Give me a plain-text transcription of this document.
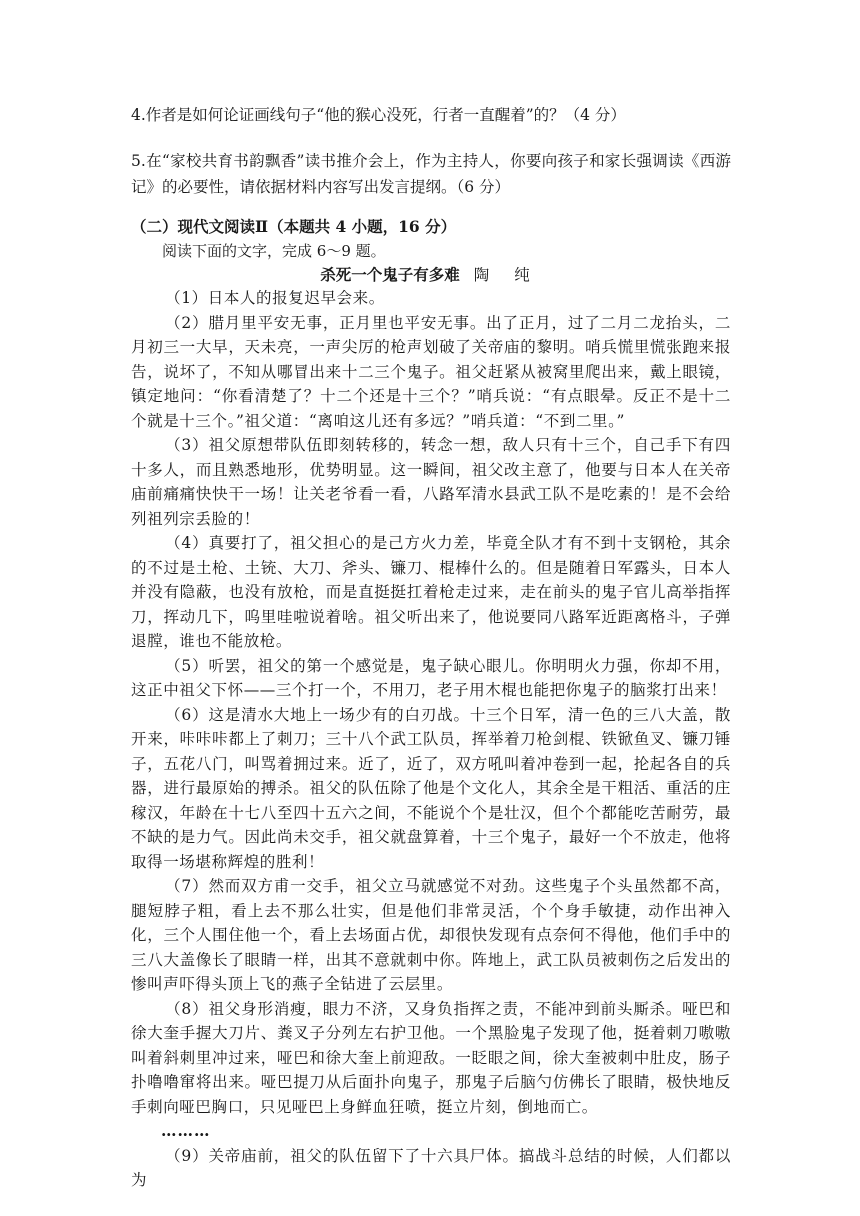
4.作者是如何论证画线句子“他的猴心没死，行者一直醒着”的？（4 分）
5.在“家校共育书韵飘香”读书推介会上，作为主持人，你要向孩子和家长强调读《西游记》的必要性，请依据材料内容写出发言提纲。（6 分）
（二）现代文阅读Ⅱ（本题共 4 小题，16 分）
阅读下面的文字，完成 6～9 题。
杀死一个鬼子有多难 陶 纯

（1）日本人的报复迟早会来。

（2）腊月里平安无事，正月里也平安无事。出了正月，过了二月二龙抬头，二月初三一大早，天未亮，一声尖厉的枪声划破了关帝庙的黎明。哨兵慌里慌张跑来报告，说坏了，不知从哪冒出来十二三个鬼子。祖父赶紧从被窝里爬出来，戴上眼镜，镇定地问：“你看清楚了？十二个还是十三个？”哨兵说：“有点眼晕。反正不是十二个就是十三个。”祖父道：“离咱这儿还有多远？”哨兵道：“不到二里。”

（3）祖父原想带队伍即刻转移的，转念一想，敌人只有十三个，自己手下有四十多人，而且熟悉地形，优势明显。这一瞬间，祖父改主意了，他要与日本人在关帝庙前痛痛快快干一场！让关老爷看一看，八路军清水县武工队不是吃素的！是不会给列祖列宗丢脸的！

（4）真要打了，祖父担心的是己方火力差，毕竟全队才有不到十支钢枪，其余的不过是土枪、土铳、大刀、斧头、镰刀、棍棒什么的。但是随着日军露头，日本人并没有隐蔽，也没有放枪，而是直挺挺扛着枪走过来，走在前头的鬼子官儿高举指挥刀，挥动几下，呜里哇啦说着啥。祖父听出来了，他说要同八路军近距离格斗，子弹退膛，谁也不能放枪。

（5）听罢，祖父的第一个感觉是，鬼子缺心眼儿。你明明火力强，你却不用，这正中祖父下怀——三个打一个，不用刀，老子用木棍也能把你鬼子的脑浆打出来！

（6）这是清水大地上一场少有的白刃战。十三个日军，清一色的三八大盖，散开来，咔咔咔都上了刺刀；三十八个武工队员，挥举着刀枪剑棍、铁锨鱼叉、镰刀锤子，五花八门，叫骂着拥过来。近了，近了，双方吼叫着冲卷到一起，抡起各自的兵器，进行最原始的搏杀。祖父的队伍除了他是个文化人，其余全是干粗活、重活的庄稼汉，年龄在十七八至四十五六之间，不能说个个是壮汉，但个个都能吃苦耐劳，最不缺的是力气。因此尚未交手，祖父就盘算着，十三个鬼子，最好一个不放走，他将取得一场堪称辉煌的胜利！

（7）然而双方甫一交手，祖父立马就感觉不对劲。这些鬼子个头虽然都不高，腿短脖子粗，看上去不那么壮实，但是他们非常灵活，个个身手敏捷，动作出神入化，三个人围住他一个，看上去场面占优，却很快发现有点奈何不得他，他们手中的三八大盖像长了眼睛一样，出其不意就刺中你。阵地上，武工队员被刺伤之后发出的惨叫声吓得头顶上飞的燕子全钻进了云层里。

（8）祖父身形消瘦，眼力不济，又身负指挥之责，不能冲到前头厮杀。哑巴和徐大奎手握大刀片、粪叉子分列左右护卫他。一个黑脸鬼子发现了他，挺着刺刀嗷嗷叫着斜刺里冲过来，哑巴和徐大奎上前迎敌。一眨眼之间，徐大奎被刺中肚皮，肠子扑噜噜窜将出来。哑巴提刀从后面扑向鬼子，那鬼子后脑勺仿佛长了眼睛，极快地反手刺向哑巴胸口，只见哑巴上身鲜血狂喷，挺立片刻，倒地而亡。

………

（9）关帝庙前，祖父的队伍留下了十六具尸体。搞战斗总结的时候，人们都以为
